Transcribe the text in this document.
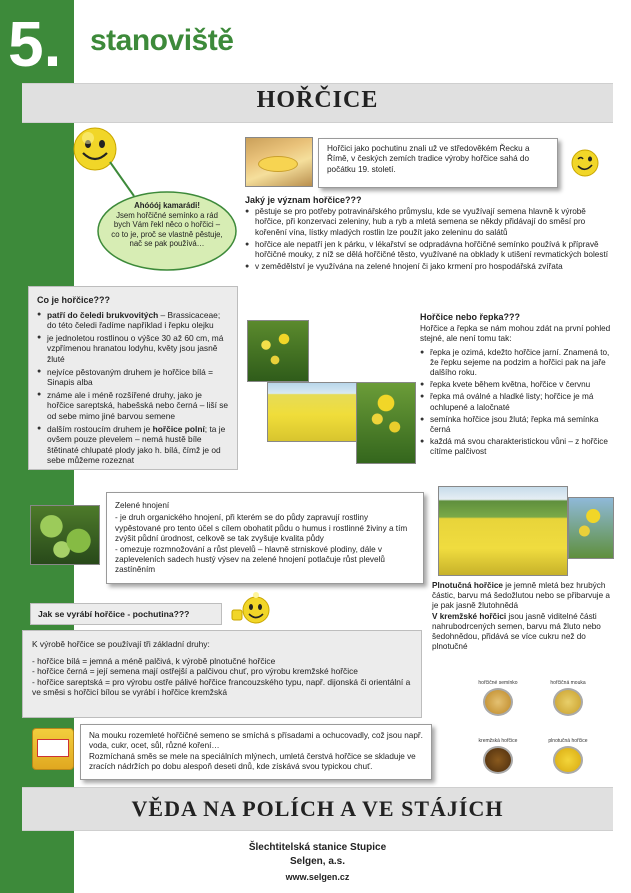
5. stanoviště
HOŘČICE
Ahóóój kamarádi!
Jsem hořčičné semínko a rád bych Vám řekl něco o hořčici – co to je, proč se vlastně pěstuje, nač se pak používá…
Hořčici jako pochutinu znali už ve středověkém Řecku a Římě, v českých zemích tradice výroby hořčice sahá do počátku 19. století.
Jaký je význam hořčice???
● pěstuje se pro potřeby potravinářského průmyslu, kde se využívají semena hlavně k výrobě hořčice, při konzervaci zeleniny, hub a ryb a mletá semena se někdy přidávají do směsí pro kořenění vína, lístky mladých rostlin lze použít jako zeleninu do salátů
● hořčice ale nepatří jen k párku, v lékařství se odpradávna hořčičné semínko používá k přípravě hořčičné mouky, z níž se dělá hořčičné těsto, využívané na obklady k utišení revmatických bolestí
● v zemědělství je využívána na zelené hnojení či jako krmení pro hospodářská zvířata
Co je hořčice???
● patří do čeledi brukvovitých – Brassicaceae; do této čeledi řadíme například i řepku olejku
● je jednoletou rostlinou o výšce 30 až 60 cm, má vzpřímenou hranatou lodyhu, květy jsou jasně žluté
● nejvíce pěstovaným druhem je hořčice bílá = Sinapis alba
● známe ale i méně rozšířené druhy, jako je hořčice sareptská, habešská nebo černá – liší se od sebe mimo jiné barvou semene
● dalším rostoucím druhem je hořčice polní; ta je ovšem pouze plevelem – nemá hustě bíle štětinaté chlupaté plody jako h. bílá, čímž je od sebe můžeme rozeznat
Hořčice nebo řepka???
Hořčice a řepka se nám mohou zdát na první pohled stejné, ale není tomu tak:
● řepka je ozimá, kdežto hořčice jarní. Znamená to, že řepku sejeme na podzim a hořčici pak na jaře dalšího roku.
● řepka kvete během května, hořčice v červnu
● řepka má oválné a hladké listy; hořčice je má ochlupené a laločnaté
● semínka hořčice jsou žlutá; řepka má semínka černá
● každá má svou charakteristickou vůni – z hořčice cítíme palčivost
Zelené hnojení
- je druh organického hnojení, při kterém se do půdy zapravují rostliny vypěstované pro tento účel s cílem obohatit půdu o humus i rostlinné živiny a tím zvýšit půdní úrodnost, celkově se tak zvyšuje kvalita půdy
- omezuje rozmnožování a růst plevelů – hlavně strniskové plodiny, dále v zapleveleních sadech hustý výsev na zelené hnojení potlačuje růst plevelů zastíněním
Plnotučná hořčice je jemně mletá bez hrubých částic, barvu má šedožlutou nebo se přibarvuje a je pak jasně žlutohnědá
V kremžské hořčici jsou jasně viditelné části nahrubodrcených semen, barvu má žluto nebo šedohnědou, přidává se více cukru než do plnotučné
Jak se vyrábí hořčice - pochutina???
K výrobě hořčice se používají tři základní druhy:
- hořčice bílá = jemná a méně palčivá, k výrobě plnotučné hořčice
- hořčice černá = její semena mají ostřejší a palčivou chuť, pro výrobu kremžské hořčice
- hořčice sareptská = pro výrobu ostře pálivé hořčice francouzského typu, např. dijonská či orientální a ve směsi s hořčicí bílou se vyrábí i hořčice kremžská
Na mouku rozemleté hořčičné semeno se smíchá s přísadami a ochucovadly, což jsou např. voda, cukr, ocet, sůl, různé koření…
Rozmíchaná směs se mele na speciálních mlýnech, umletá čerstvá hořčice se skladuje ve zracích nádržích po dobu alespoň deseti dnů, kde získává svou typickou chuť.
hořčičné semínko	hořčičná mouka
kremžská hořčice	plnotučná hořčice
VĚDA NA POLÍCH A VE STÁJÍCH
Šlechtitelská stanice Stupice
Selgen, a.s.
www.selgen.cz
